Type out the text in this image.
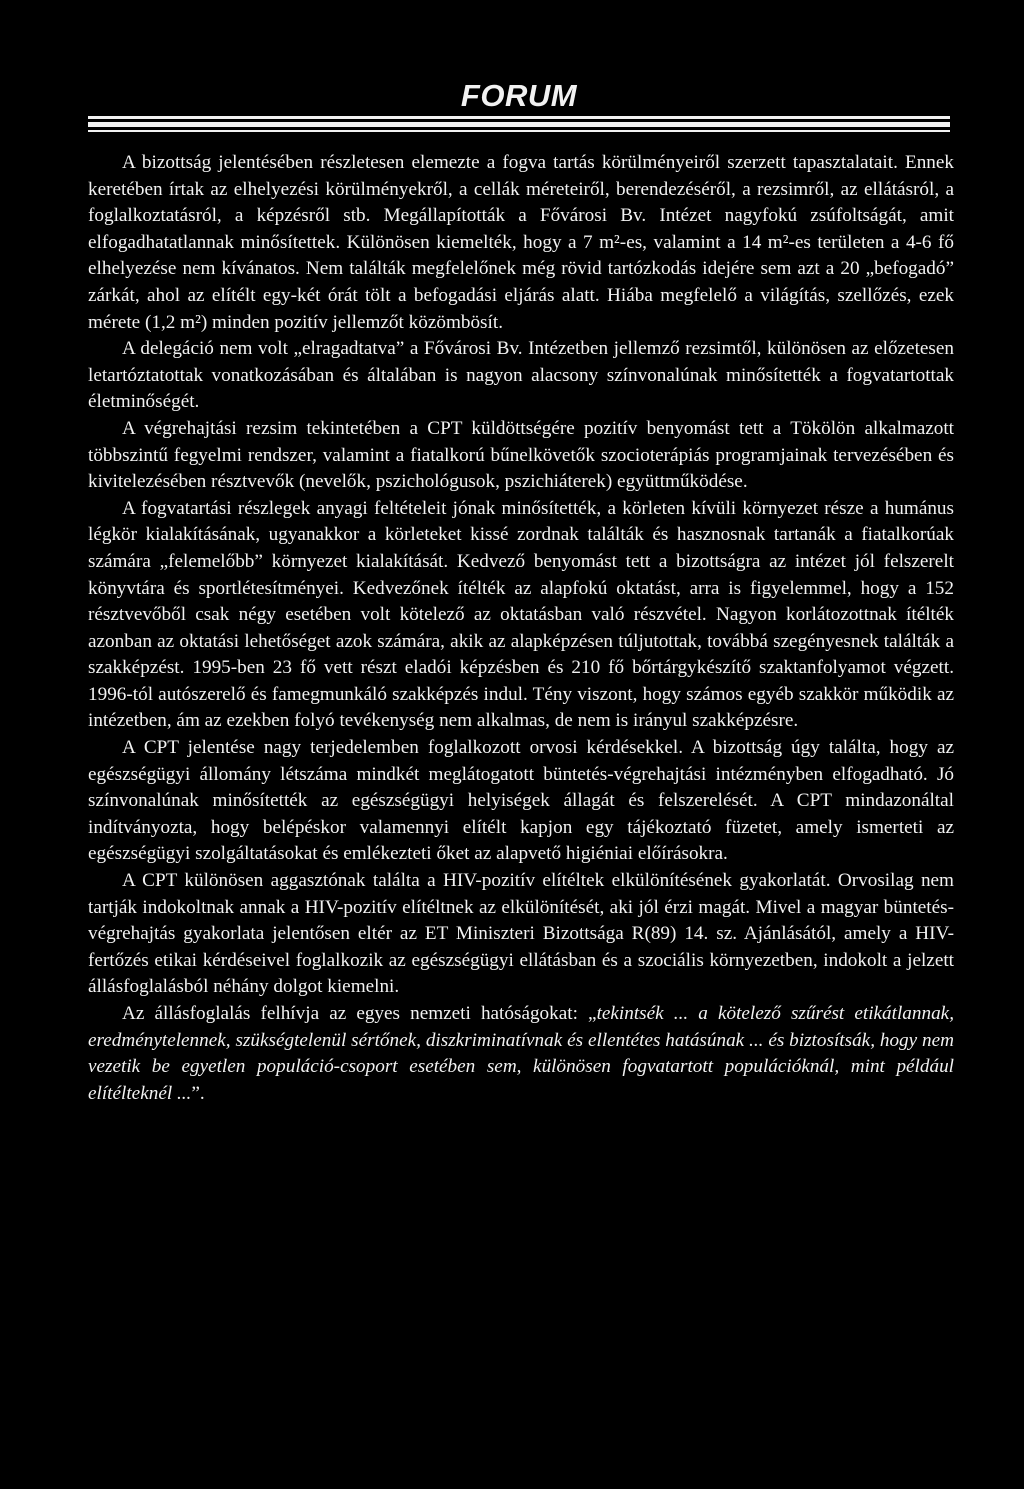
FORUM

A bizottság jelentésében részletesen elemezte a fogva tartás körülményeiről szerzett tapasztalatait. Ennek keretében írtak az elhelyezési körülményekről, a cellák méreteiről, berendezéséről, a rezsimről, az ellátásról, a foglalkoztatásról, a képzésről stb. Megállapították a Fővárosi Bv. Intézet nagyfokú zsúfoltságát, amit elfogadhatatlannak minősítettek. Különösen kiemelték, hogy a 7 m²-es, valamint a 14 m²-es területen a 4-6 fő elhelyezése nem kívánatos. Nem találták megfelelőnek még rövid tartózkodás idejére sem azt a 20 „befogadó” zárkát, ahol az elítélt egy-két órát tölt a befogadási eljárás alatt. Hiába megfelelő a világítás, szellőzés, ezek mérete (1,2 m²) minden pozitív jellemzőt közömbösít.

A delegáció nem volt „elragadtatva” a Fővárosi Bv. Intézetben jellemző rezsimtől, különösen az előzetesen letartóztatottak vonatkozásában és általában is nagyon alacsony színvonalúnak minősítették a fogvatartottak életminőségét.

A végrehajtási rezsim tekintetében a CPT küldöttségére pozitív benyomást tett a Tökölön alkalmazott többszintű fegyelmi rendszer, valamint a fiatalkorú bűnelkövetők szocioterápiás programjainak tervezésében és kivitelezésében résztvevők (nevelők, pszichológusok, pszichiáterek) együttműködése.

A fogvatartási részlegek anyagi feltételeit jónak minősítették, a körleten kívüli környezet része a humánus légkör kialakításának, ugyanakkor a körleteket kissé zordnak találták és hasznosnak tartanák a fiatalkorúak számára „felemelőbb” környezet kialakítását. Kedvező benyomást tett a bizottságra az intézet jól felszerelt könyvtára és sportlétesítményei. Kedvezőnek ítélték az alapfokú oktatást, arra is figyelemmel, hogy a 152 résztvevőből csak négy esetében volt kötelező az oktatásban való részvétel. Nagyon korlátozottnak ítélték azonban az oktatási lehetőséget azok számára, akik az alapképzésen túljutottak, továbbá szegényesnek találták a szakképzést. 1995-ben 23 fő vett részt eladói képzésben és 210 fő bőrtárgykészítő szaktanfolyamot végzett. 1996-tól autószerelő és famegmunkáló szakképzés indul. Tény viszont, hogy számos egyéb szakkör működik az intézetben, ám az ezekben folyó tevékenység nem alkalmas, de nem is irányul szakképzésre.

A CPT jelentése nagy terjedelemben foglalkozott orvosi kérdésekkel. A bizottság úgy találta, hogy az egészségügyi állomány létszáma mindkét meglátogatott büntetés-végrehajtási intézményben elfogadható. Jó színvonalúnak minősítették az egészségügyi helyiségek állagát és felszerelését. A CPT mindazonáltal indítványozta, hogy belépéskor valamennyi elítélt kapjon egy tájékoztató füzetet, amely ismerteti az egészségügyi szolgáltatásokat és emlékezteti őket az alapvető higiéniai előírásokra.

A CPT különösen aggasztónak találta a HIV-pozitív elítéltek elkülönítésének gyakorlatát. Orvosilag nem tartják indokoltnak annak a HIV-pozitív elítéltnek az elkülönítését, aki jól érzi magát. Mivel a magyar büntetés-végrehajtás gyakorlata jelentősen eltér az ET Miniszteri Bizottsága R(89) 14. sz. Ajánlásától, amely a HIV-fertőzés etikai kérdéseivel foglalkozik az egészségügyi ellátásban és a szociális környezetben, indokolt a jelzett állásfoglalásból néhány dolgot kiemelni.

Az állásfoglalás felhívja az egyes nemzeti hatóságokat: „tekintsék ... a kötelező szűrést etikátlannak, eredménytelennek, szükségtelenül sértőnek, diszkriminatívnak és ellentétes hatásúnak ... és biztosítsák, hogy nem vezetik be egyetlen populáció-csoport esetében sem, különösen fogvatartott populációknál, mint például elítélteknél ...”.
